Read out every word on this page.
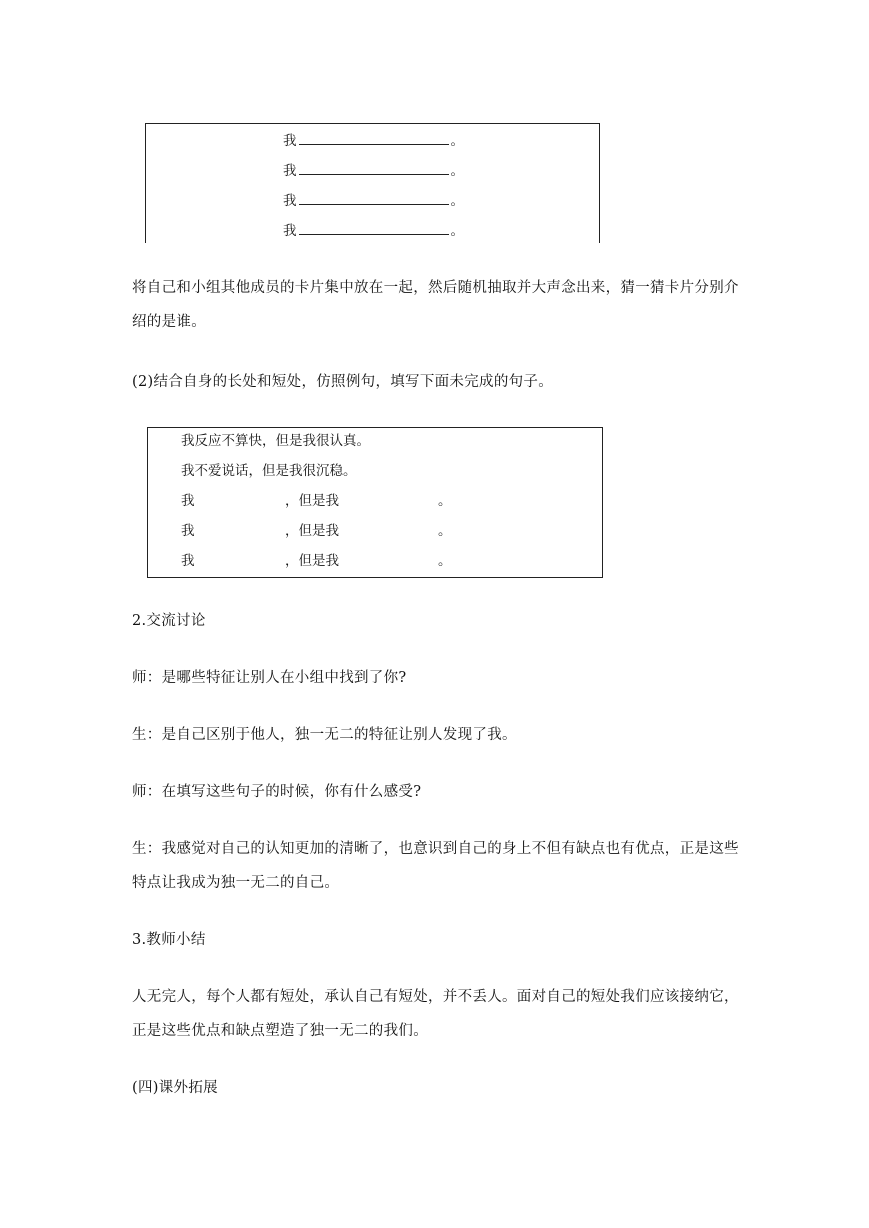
我	。
我	。
我	。
我	。

将自己和小组其他成员的卡片集中放在一起，然后随机抽取并大声念出来，猜一猜卡片分别介绍的是谁。

(2)结合自身的长处和短处，仿照例句，填写下面未完成的句子。

我反应不算快，但是我很认真。
我不爱说话，但是我很沉稳。
我	，但是我	。
我	，但是我	。
我	，但是我	。

2.交流讨论

师：是哪些特征让别人在小组中找到了你?

生：是自己区别于他人，独一无二的特征让别人发现了我。

师：在填写这些句子的时候，你有什么感受?

生：我感觉对自己的认知更加的清晰了，也意识到自己的身上不但有缺点也有优点，正是这些特点让我成为独一无二的自己。

3.教师小结

人无完人，每个人都有短处，承认自己有短处，并不丢人。面对自己的短处我们应该接纳它，正是这些优点和缺点塑造了独一无二的我们。

(四)课外拓展
